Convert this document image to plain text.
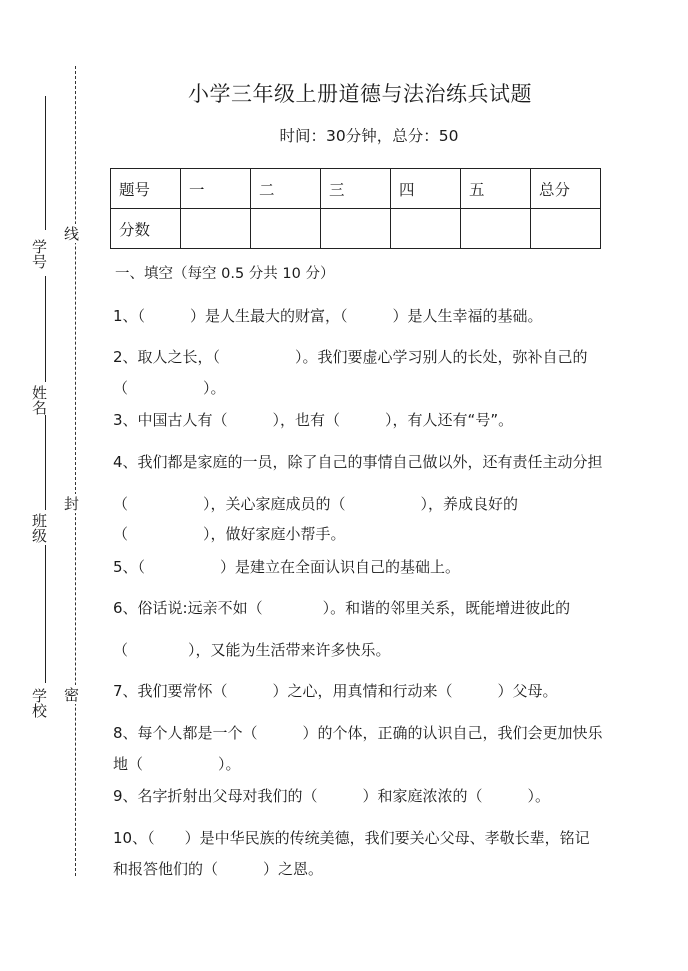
线
封
密
学号
姓名
班级
学校
小学三年级上册道德与法治练兵试题
时间：30分钟，总分：50
题号	一	二	三	四	五	总分
分数						
一、填空（每空 0.5 分共 10 分）
1、（　　　）是人生最大的财富，（　　　）是人生幸福的基础。
2、取人之长，（　　　　　）。我们要虚心学习别人的长处，弥补自己的
（　　　　　）。
3、中国古人有（　　　），也有（　　　），有人还有“号”。
4、我们都是家庭的一员，除了自己的事情自己做以外，还有责任主动分担
（　　　　　），关心家庭成员的（　　　　　），养成良好的
（　　　　　），做好家庭小帮手。
5、（　　　　　）是建立在全面认识自己的基础上。
6、俗话说:远亲不如（　　　　）。和谐的邻里关系，既能增进彼此的
（　　　　），又能为生活带来许多快乐。
7、我们要常怀（　　　）之心，用真情和行动来（　　　）父母。
8、每个人都是一个（　　　）的个体，正确的认识自己，我们会更加快乐
地（　　　　　）。
9、名字折射出父母对我们的（　　　）和家庭浓浓的（　　　）。
10、（　　）是中华民族的传统美德，我们要关心父母、孝敬长辈，铭记
和报答他们的（　　　）之恩。
